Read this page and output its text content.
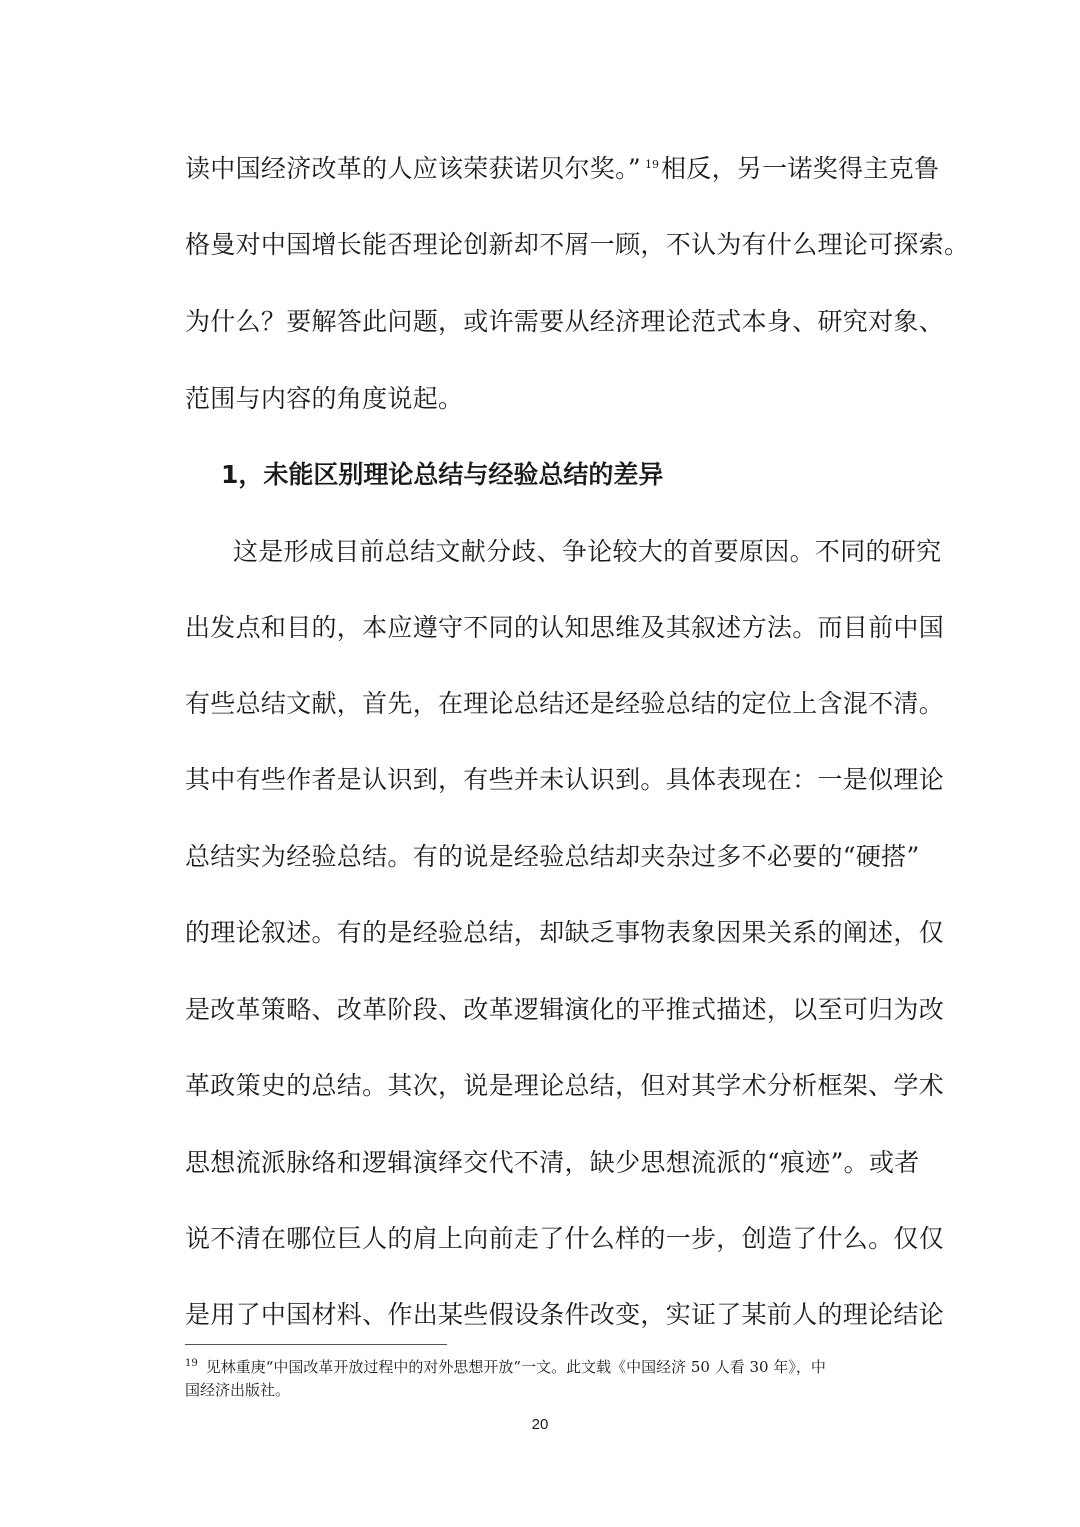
读中国经济改革的人应该荣获诺贝尔奖。” $^{19}$相反，另一诺奖得主克鲁
格曼对中国增长能否理论创新却不屑一顾，不认为有什么理论可探索。
为什么？要解答此问题，或许需要从经济理论范式本身、研究对象、
范围与内容的角度说起。
1，未能区别理论总结与经验总结的差异
这是形成目前总结文献分歧、争论较大的首要原因。不同的研究
出发点和目的，本应遵守不同的认知思维及其叙述方法。而目前中国
有些总结文献，首先，在理论总结还是经验总结的定位上含混不清。
其中有些作者是认识到，有些并未认识到。具体表现在：一是似理论
总结实为经验总结。有的说是经验总结却夹杂过多不必要的“硬搭”
的理论叙述。有的是经验总结，却缺乏事物表象因果关系的阐述，仅
是改革策略、改革阶段、改革逻辑演化的平推式描述，以至可归为改
革政策史的总结。其次，说是理论总结，但对其学术分析框架、学术
思想流派脉络和逻辑演绎交代不清，缺少思想流派的“痕迹”。或者
说不清在哪位巨人的肩上向前走了什么样的一步，创造了什么。仅仅
是用了中国材料、作出某些假设条件改变，实证了某前人的理论结论
$^{19}$ 见林重庚“中国改革开放过程中的对外思想开放”一文。此文载《中国经济 50 人看 30 年》，中
国经济出版社。
20
